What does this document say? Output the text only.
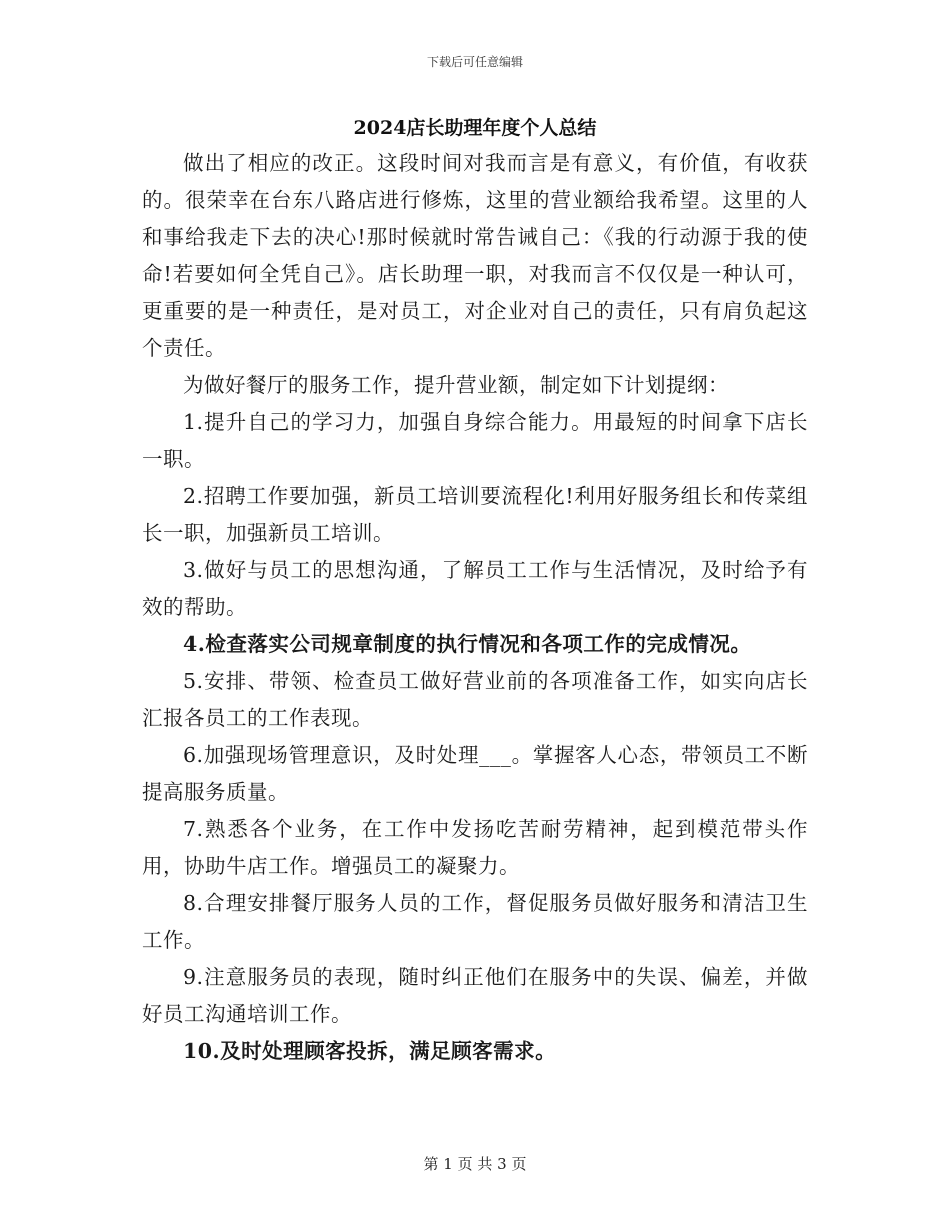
下载后可任意编辑
2024店长助理年度个人总结

做出了相应的改正。这段时间对我而言是有意义，有价值，有收获的。很荣幸在台东八路店进行修炼，这里的营业额给我希望。这里的人和事给我走下去的决心!那时候就时常告诫自己：《我的行动源于我的使命!若要如何全凭自己》。店长助理一职，对我而言不仅仅是一种认可，更重要的是一种责任，是对员工，对企业对自己的责任，只有肩负起这个责任。

为做好餐厅的服务工作，提升营业额，制定如下计划提纲：

1.提升自己的学习力，加强自身综合能力。用最短的时间拿下店长一职。

2.招聘工作要加强，新员工培训要流程化!利用好服务组长和传菜组长一职，加强新员工培训。

3.做好与员工的思想沟通，了解员工工作与生活情况，及时给予有效的帮助。

4.检查落实公司规章制度的执行情况和各项工作的完成情况。

5.安排、带领、检查员工做好营业前的各项准备工作，如实向店长汇报各员工的工作表现。

6.加强现场管理意识，及时处理___。掌握客人心态，带领员工不断提高服务质量。

7.熟悉各个业务，在工作中发扬吃苦耐劳精神，起到模范带头作用，协助牛店工作。增强员工的凝聚力。

8.合理安排餐厅服务人员的工作，督促服务员做好服务和清洁卫生工作。

9.注意服务员的表现，随时纠正他们在服务中的失误、偏差，并做好员工沟通培训工作。

10.及时处理顾客投拆，满足顾客需求。

第 1 页 共 3 页
